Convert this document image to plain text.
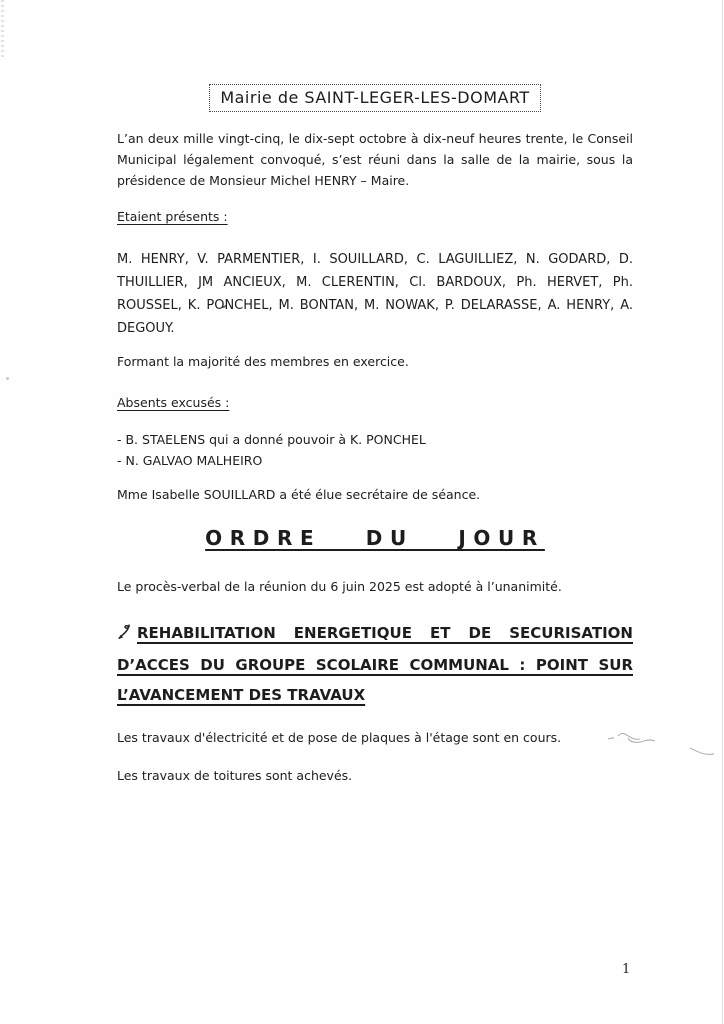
Mairie de SAINT-LEGER-LES-DOMART

L’an deux mille vingt-cinq, le dix-sept octobre à dix-neuf heures trente, le Conseil Municipal légalement convoqué, s’est réuni dans la salle de la mairie, sous la présidence de Monsieur Michel HENRY – Maire.

Etaient présents :

M. HENRY, V. PARMENTIER, I. SOUILLARD, C. LAGUILLIEZ, N. GODARD, D. THUILLIER, JM ANCIEUX, M. CLERENTIN, Cl. BARDOUX, Ph. HERVET, Ph. ROUSSEL, K. PONCHEL, M. BONTAN, M. NOWAK, P. DELARASSE, A. HENRY, A. DEGOUY.

Formant la majorité des membres en exercice.

Absents excusés :

- B. STAELENS qui a donné pouvoir à K. PONCHEL

- N. GALVAO MALHEIRO

Mme Isabelle SOUILLARD a été élue secrétaire de séance.

ORDRE DU JOUR

Le procès-verbal de la réunion du 6 juin 2025 est adopté à l’unanimité.

REHABILITATION ENERGETIQUE ET DE SECURISATION D’ACCES DU GROUPE SCOLAIRE COMMUNAL : POINT SUR L’AVANCEMENT DES TRAVAUX

Les travaux d'électricité et de pose de plaques à l'étage sont en cours.

Les travaux de toitures sont achevés.

1
